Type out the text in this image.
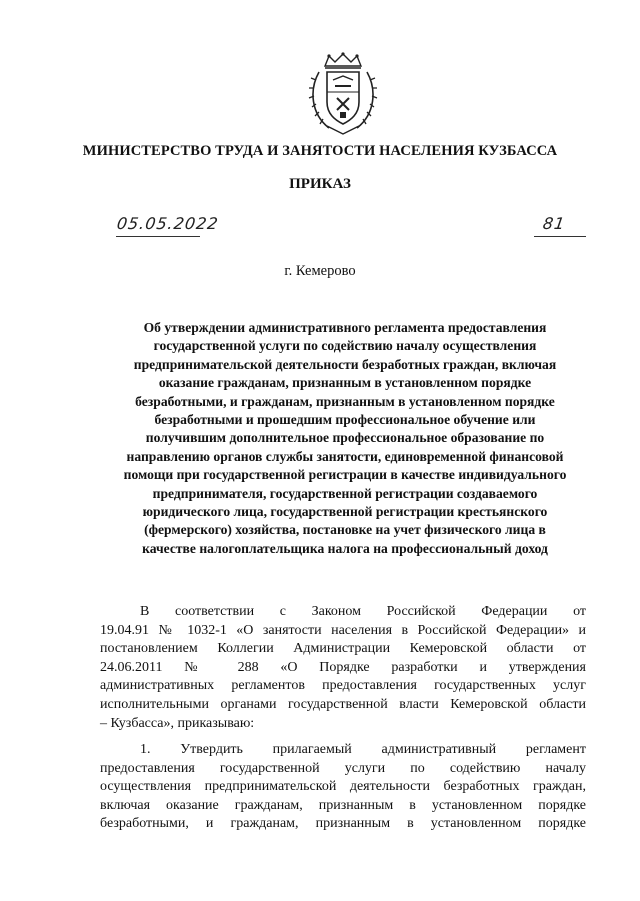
МИНИСТЕРСТВО ТРУДА И ЗАНЯТОСТИ НАСЕЛЕНИЯ КУЗБАССА
ПРИКАЗ
05.05.2022	81
г. Кемерово
Об утверждении административного регламента предоставления
государственной услуги по содействию началу осуществления
предпринимательской деятельности безработных граждан, включая
оказание гражданам, признанным в установленном порядке
безработными, и гражданам, признанным в установленном порядке
безработными и прошедшим профессиональное обучение или
получившим дополнительное профессиональное образование по
направлению органов службы занятости, единовременной финансовой
помощи при государственной регистрации в качестве индивидуального
предпринимателя, государственной регистрации создаваемого
юридического лица, государственной регистрации крестьянского
(фермерского) хозяйства, постановке на учет физического лица в
качестве налогоплательщика налога на профессиональный доход
В соответствии с Законом Российской Федерации от
19.04.91 № 1032-1 «О занятости населения в Российской Федерации» и
постановлением Коллегии Администрации Кемеровской области от
24.06.2011 № 288 «О Порядке разработки и утверждения
административных регламентов предоставления государственных услуг
исполнительными органами государственной власти Кемеровской области
– Кузбасса», приказываю:
1. Утвердить прилагаемый административный регламент
предоставления государственной услуги по содействию началу
осуществления предпринимательской деятельности безработных граждан,
включая оказание гражданам, признанным в установленном порядке
безработными, и гражданам, признанным в установленном порядке
